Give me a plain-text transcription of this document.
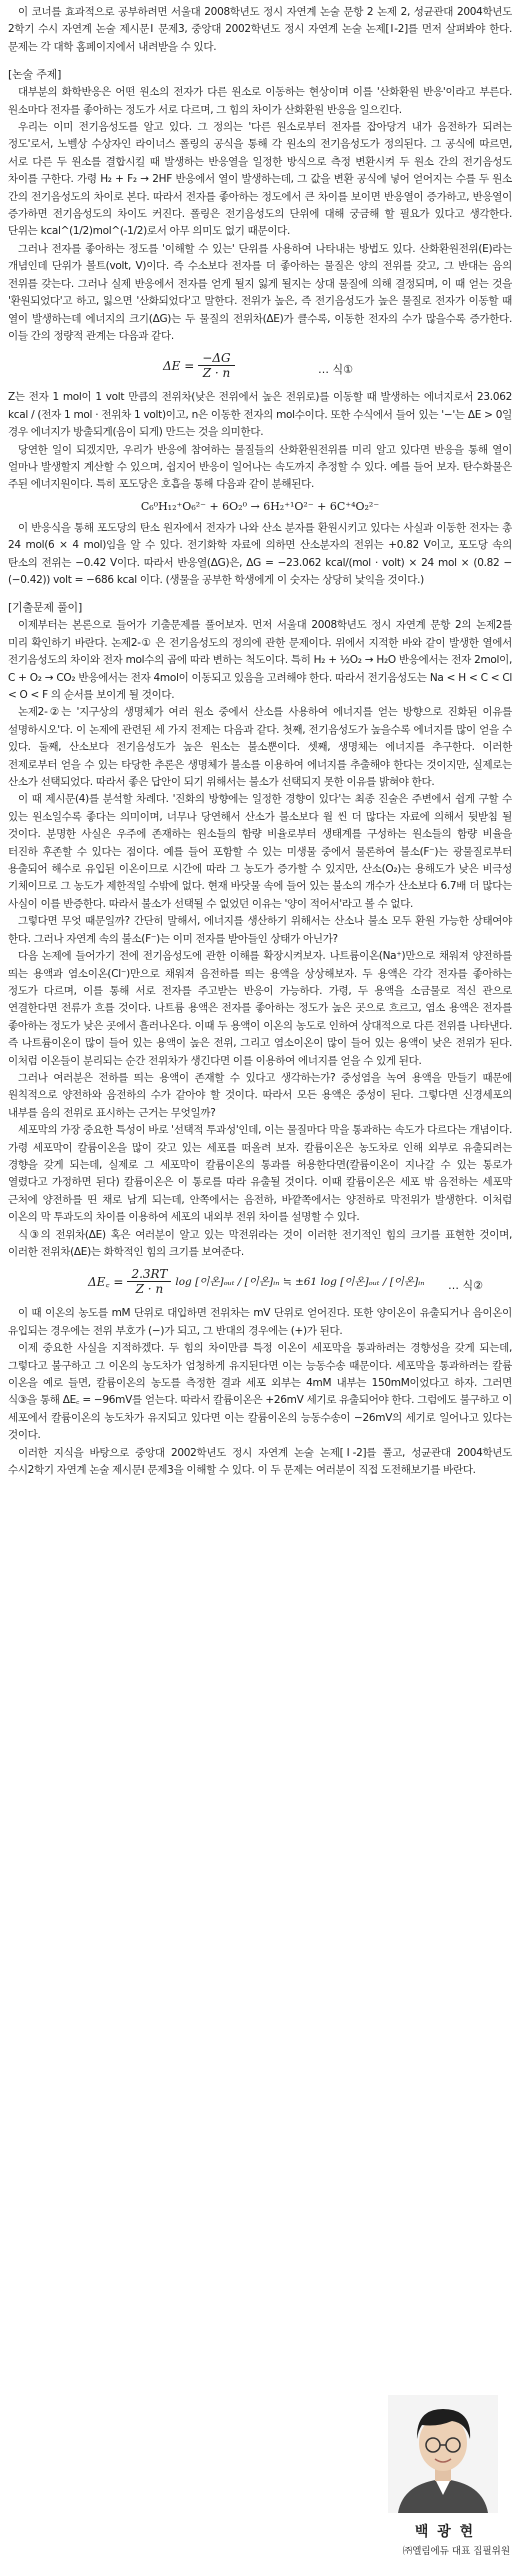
이 코너를 효과적으로 공부하려면 서울대 2008학년도 정시 자연계 논술 문항 2 논제 2, 성균관대 2004학년도 2학기 수시 자연계 논술 제시문Ⅰ 문제3, 중앙대 2002학년도 정시 자연계 논술 논제[Ⅰ-2]를 먼저 살펴봐야 한다. 문제는 각 대학 홈페이지에서 내려받을 수 있다.

[논술 주제]

대부분의 화학반응은 어떤 원소의 전자가 다른 원소로 이동하는 현상이며 이를 '산화환원 반응'이라고 부른다. 원소마다 전자를 좋아하는 정도가 서로 다르며, 그 힘의 차이가 산화환원 반응을 일으킨다.

우리는 이미 전기음성도를 알고 있다. 그 정의는 '다른 원소로부터 전자를 잡아당겨 내가 음전하가 되려는 정도'로서, 노벨상 수상자인 라이너스 폴링의 공식을 통해 각 원소의 전기음성도가 정의된다. 그 공식에 따르면, 서로 다른 두 원소를 결합시킬 때 발생하는 반응열을 일정한 방식으로 측정 변환시켜 두 원소 간의 전기음성도 차이를 구한다. 가령 H₂ + F₂ → 2HF 반응에서 열이 발생하는데, 그 값을 변환 공식에 넣어 얻어지는 수를 두 원소 간의 전기음성도의 차이로 본다. 따라서 전자를 좋아하는 정도에서 큰 차이를 보이면 반응열이 증가하고, 반응열이 증가하면 전기음성도의 차이도 커진다. 폴링은 전기음성도의 단위에 대해 궁금해 할 필요가 있다고 생각한다. 단위는 kcal^(1/2)mol^(-1/2)로서 아무 의미도 없기 때문이다.

그러나 전자를 좋아하는 정도를 '이해할 수 있는' 단위를 사용하여 나타내는 방법도 있다. 산화환원전위(E)라는 개념인데 단위가 볼트(volt, V)이다. 즉 수소보다 전자를 더 좋아하는 물질은 양의 전위를 갖고, 그 반대는 음의 전위를 갖는다. 그러나 실제 반응에서 전자를 얻게 될지 잃게 될지는 상대 물질에 의해 결정되며, 이 때 얻는 것을 '환원되었다'고 하고, 잃으면 '산화되었다'고 말한다. 전위가 높은, 즉 전기음성도가 높은 물질로 전자가 이동할 때 열이 발생하는데 에너지의 크기(ΔG)는 두 물질의 전위차(ΔE)가 클수록, 이동한 전자의 수가 많을수록 증가한다. 이들 간의 정량적 관계는 다음과 같다.

$\Delta E = \frac{-\Delta G}{Z \cdot n}$	… 식①

Z는 전자 1 mol이 1 volt 만큼의 전위차(낮은 전위에서 높은 전위로)를 이동할 때 발생하는 에너지로서 23.062 kcal / (전자 1 mol · 전위차 1 volt)이고, n은 이동한 전자의 mol수이다. 또한 수식에서 들어 있는 '−'는 ΔE > 0일 경우 에너지가 방출되게(음이 되게) 만드는 것을 의미한다.

당연한 일이 되겠지만, 우리가 반응에 참여하는 물질들의 산화환원전위를 미리 알고 있다면 반응을 통해 열이 얼마나 발생할지 계산할 수 있으며, 쉽지어 반응이 일어나는 속도까지 추정할 수 있다. 예를 들어 보자. 탄수화물은 주된 에너지원이다. 특히 포도당은 호흡을 통해 다음과 같이 분해된다.

C₆⁰H₁₂⁺O₆²⁻ + 6O₂⁰ → 6H₂⁺¹O²⁻ + 6C⁺⁴O₂²⁻

이 반응식을 통해 포도당의 탄소 원자에서 전자가 나와 산소 분자를 환원시키고 있다는 사실과 이동한 전자는 총 24 mol(6 × 4 mol)임을 알 수 있다. 전기화학 자료에 의하면 산소분자의 전위는 +0.82 V이고, 포도당 속의 탄소의 전위는 −0.42 V이다. 따라서 반응열(ΔG)은, ΔG = −23.062 kcal/(mol · volt) × 24 mol × (0.82 − (−0.42)) volt = −686 kcal 이다. (생물을 공부한 학생에게 이 숫자는 상당히 낯익을 것이다.)

[기출문제 풀이]

이제부터는 본론으로 들어가 기출문제를 풀어보자. 먼저 서울대 2008학년도 정시 자연계 문항 2의 논제2를 미리 확인하기 바란다. 논제2-① 은 전기음성도의 정의에 관한 문제이다. 위에서 지적한 바와 같이 발생한 열에서 전기음성도의 차이와 전자 mol수의 곱에 따라 변하는 척도이다. 특히 H₂ + ½O₂ → H₂O 반응에서는 전자 2mol이, C + O₂ → CO₂ 반응에서는 전자 4mol이 이동되고 있음을 고려해야 한다. 따라서 전기음성도는 Na < H < C < Cl < O < F 의 순서를 보이게 될 것이다.

논제2-②는 '지구상의 생명체가 여러 원소 중에서 산소를 사용하여 에너지를 얻는 방향으로 진화된 이유를 설명하시오'다. 이 논제에 관련된 세 가지 전제는 다음과 같다. 첫째, 전기음성도가 높을수록 에너지를 많이 얻을 수 있다. 둘째, 산소보다 전기음성도가 높은 원소는 불소뿐이다. 셋째, 생명체는 에너지를 추구한다. 이러한 전제로부터 얻을 수 있는 타당한 추론은 생명체가 불소를 이용하여 에너지를 추출해야 한다는 것이지만, 실제로는 산소가 선택되었다. 따라서 좋은 답안이 되기 위해서는 불소가 선택되지 못한 이유를 밝혀야 한다.

이 때 제시문(4)를 분석할 차례다. '진화의 방향에는 일정한 경향이 있다'는 최종 진술은 주변에서 쉽게 구할 수 있는 원소일수록 좋다는 의미이며, 너무나 당연해서 산소가 불소보다 월 씬 더 많다는 자료에 의해서 뒷받침 될 것이다. 분명한 사실은 우주에 존재하는 원소들의 함량 비율로부터 생태계를 구성하는 원소들의 함량 비율을 터진하 후존할 수 있다는 점이다. 예를 들어 포함할 수 있는 미생물 중에서 물론하여 불소(F⁻)는 광물질로부터 용출되어 해수로 유입된 이온이므로 시간에 따라 그 농도가 증가할 수 있지만, 산소(O₂)는 용해도가 낮은 비극성 기체이므로 그 농도가 제한적일 수밖에 없다. 현재 바닷물 속에 들어 있는 불소의 개수가 산소보다 6.7배 더 많다는 사실이 이를 반증한다. 따라서 불소가 선택될 수 없었던 이유는 '양이 적어서'라고 볼 수 없다.

그렇다면 무엇 때문일까? 간단히 말해서, 에너지를 생산하기 위해서는 산소나 불소 모두 환원 가능한 상태여야 한다. 그러나 자연계 속의 불소(F⁻)는 이미 전자를 받아들인 상태가 아닌가?

다음 논제에 들어가기 전에 전기음성도에 관한 이해를 확장시켜보자. 나트륨이온(Na⁺)만으로 채워져 양전하를 띄는 용액과 염소이온(Cl⁻)만으로 채워져 음전하를 띄는 용액을 상상해보자. 두 용액은 각각 전자를 좋아하는 정도가 다르며, 이를 통해 서로 전자를 주고받는 반응이 가능하다. 가령, 두 용액을 소금물로 적신 관으로 연결한다면 전류가 흐를 것이다. 나트륨 용액은 전자를 좋아하는 정도가 높은 곳으로 흐르고, 염소 용액은 전자를 좋아하는 정도가 낮은 곳에서 흘러나온다. 이때 두 용액이 이온의 농도로 인하여 상대적으로 다른 전위를 나타낸다. 즉 나트륨이온이 많이 들어 있는 용액이 높은 전위, 그리고 염소이온이 많이 들어 있는 용액이 낮은 전위가 된다. 이처럼 이온들이 분리되는 순간 전위차가 생긴다면 이를 이용하여 에너지를 얻을 수 있게 된다.

그러나 여러분은 전하를 띄는 용액이 존재할 수 있다고 생각하는가? 중성염을 녹여 용액을 만들기 때문에 원칙적으로 양전하와 음전하의 수가 같아야 할 것이다. 따라서 모든 용액은 중성이 된다. 그렇다면 신경세포의 내부를 음의 전위로 표시하는 근거는 무엇일까?

세포막의 가장 중요한 특성이 바로 '선택적 투과성'인데, 이는 물질마다 막을 통과하는 속도가 다르다는 개념이다. 가령 세포막이 칼륨이온을 많이 갖고 있는 세포를 떠올려 보자. 칼륨이온은 농도차로 인해 외부로 유출되려는 경향을 갖게 되는데, 실제로 그 세포막이 칼륨이온의 통과를 허용한다면(칼륨이온이 지나갈 수 있는 통로가 열렸다고 가정하면 된다) 칼륨이온은 이 통로를 따라 유출될 것이다. 이때 칼륨이온은 세포 밖 음전하는 세포막 근처에 양전하를 띤 채로 남게 되는데, 안쪽에서는 음전하, 바깥쪽에서는 양전하로 막전위가 발생한다. 이처럼 이온의 막 투과도의 차이를 이용하여 세포의 내외부 전위 차이를 설명할 수 있다.

식③의 전위차(ΔE) 혹은 여러분이 알고 있는 막전위라는 것이 이러한 전기적인 힘의 크기를 표현한 것이며, 이러한 전위차(ΔE)는 화학적인 힘의 크기를 보여준다.

ΔE꜀ = $\frac{2.3RT}{Z \cdot n}$ log [이온]ₒᵤₜ / [이온]ᵢₙ ≒ ±61 log [이온]ₒᵤₜ / [이온]ᵢₙ … 식②

이 때 이온의 농도를 mM 단위로 대입하면 전위차는 mV 단위로 얻어진다. 또한 양이온이 유출되거나 음이온이 유입되는 경우에는 전위 부호가 (−)가 되고, 그 반대의 경우에는 (+)가 된다.

이제 중요한 사실을 지적하겠다. 두 힘의 차이만큼 특정 이온이 세포막을 통과하려는 경향성을 갖게 되는데, 그렇다고 불구하고 그 이온의 농도차가 엄청하게 유지된다면 이는 능동수송 때문이다. 세포막을 통과하려는 칼륨 이온을 예로 들면, 칼륨이온의 농도를 측정한 결과 세포 외부는 4mM 내부는 150mM이었다고 하자. 그러면 식③을 통해 ΔE꜀ = −96mV를 얻는다. 따라서 칼륨이온은 +26mV 세기로 유출되어야 한다. 그럼에도 불구하고 이 세포에서 칼륨이온의 농도차가 유지되고 있다면 이는 칼륨이온의 능동수송이 −26mV의 세기로 일어나고 있다는 것이다.

이러한 지식을 바탕으로 중앙대 2002학년도 정시 자연계 논술 논제[Ⅰ-2]를 풀고, 성균관대 2004학년도 수시2학기 자연계 논술 제시문Ⅰ 문제3을 이해할 수 있다. 이 두 문제는 여러분이 직접 도전해보기를 바란다.

백 광 현
㈜엘림에듀 대표 집필위원
